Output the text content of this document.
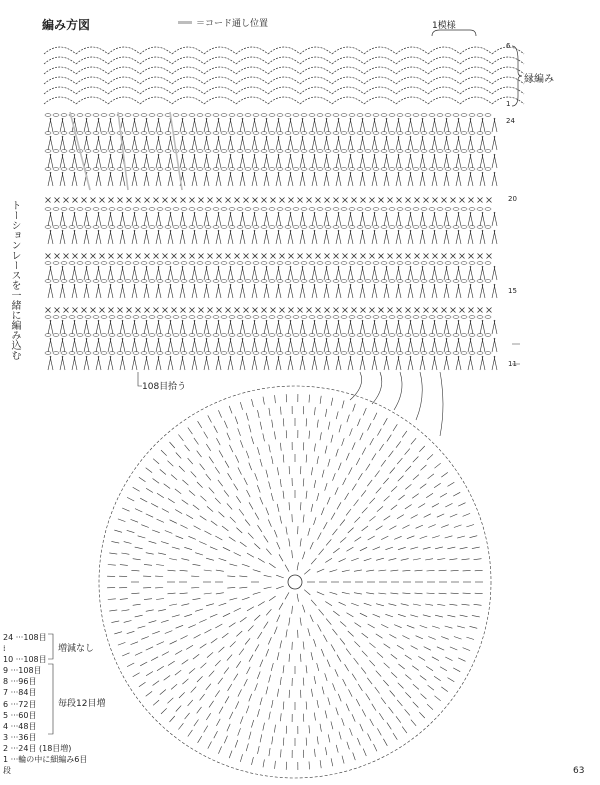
編み方図	＝コード通し位置	1模様
縁編み
6
1
24
20
15
11
108目拾う
トーションレースを一緒に編み込む
24 ···108目
⁞
10 ···108目
9 ···108目
8 ···96目
7 ···84目
6 ···72目
5 ···60目
4 ···48目
3 ···36目
2 ···24目 (18目増)
1 ···輪の中に細編み6目
段
増減なし
毎段12目増
63
